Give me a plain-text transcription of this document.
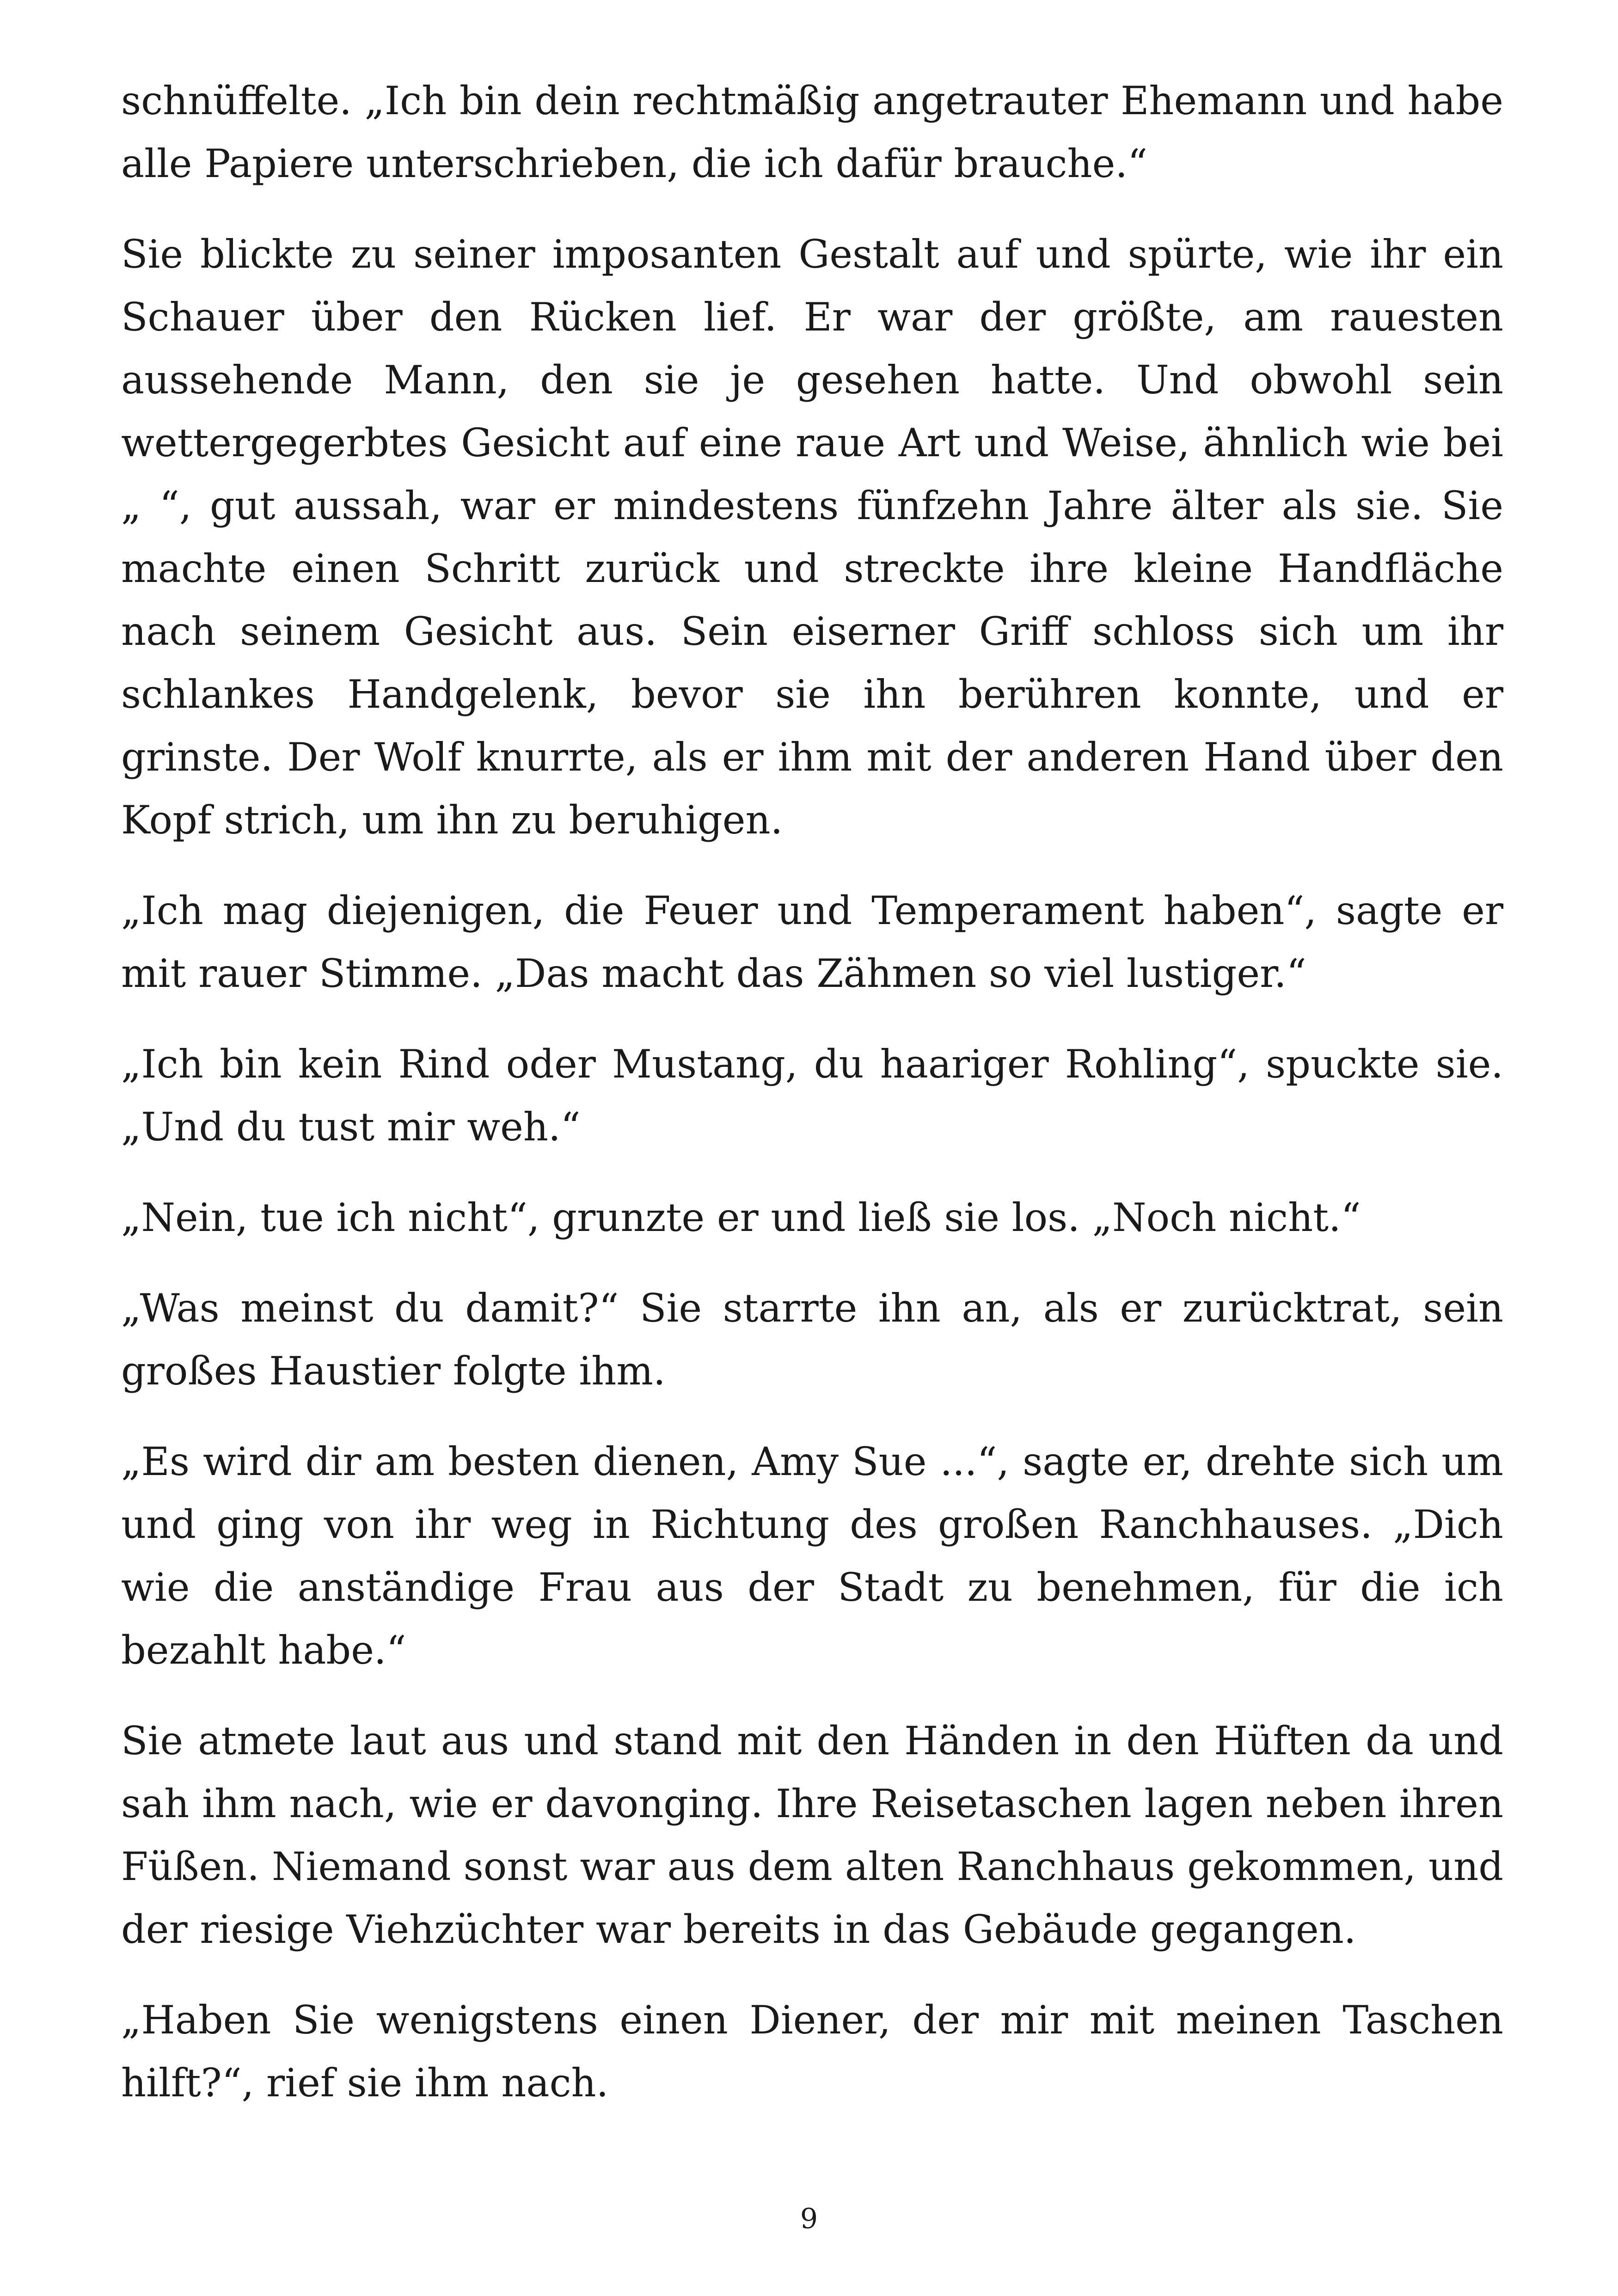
schnüffelte. „Ich bin dein rechtmäßig angetrauter Ehemann und habe alle Papiere unterschrieben, die ich dafür brauche.“

Sie blickte zu seiner imposanten Gestalt auf und spürte, wie ihr ein Schauer über den Rücken lief. Er war der größte, am rauesten aussehende Mann, den sie je gesehen hatte. Und obwohl sein wettergegerbtes Gesicht auf eine raue Art und Weise, ähnlich wie bei „ “, gut aussah, war er mindestens fünfzehn Jahre älter als sie. Sie machte einen Schritt zurück und streckte ihre kleine Handfläche nach seinem Gesicht aus. Sein eiserner Griff schloss sich um ihr schlankes Handgelenk, bevor sie ihn berühren konnte, und er grinste. Der Wolf knurrte, als er ihm mit der anderen Hand über den Kopf strich, um ihn zu beruhigen.

„Ich mag diejenigen, die Feuer und Temperament haben“, sagte er mit rauer Stimme. „Das macht das Zähmen so viel lustiger.“

„Ich bin kein Rind oder Mustang, du haariger Rohling“, spuckte sie. „Und du tust mir weh.“

„Nein, tue ich nicht“, grunzte er und ließ sie los. „Noch nicht.“

„Was meinst du damit?“ Sie starrte ihn an, als er zurücktrat, sein großes Haustier folgte ihm.

„Es wird dir am besten dienen, Amy Sue ...“, sagte er, drehte sich um und ging von ihr weg in Richtung des großen Ranchhauses. „Dich wie die anständige Frau aus der Stadt zu benehmen, für die ich bezahlt habe.“

Sie atmete laut aus und stand mit den Händen in den Hüften da und sah ihm nach, wie er davonging. Ihre Reisetaschen lagen neben ihren Füßen. Niemand sonst war aus dem alten Ranchhaus gekommen, und der riesige Viehzüchter war bereits in das Gebäude gegangen.

„Haben Sie wenigstens einen Diener, der mir mit meinen Taschen hilft?“, rief sie ihm nach.

9
